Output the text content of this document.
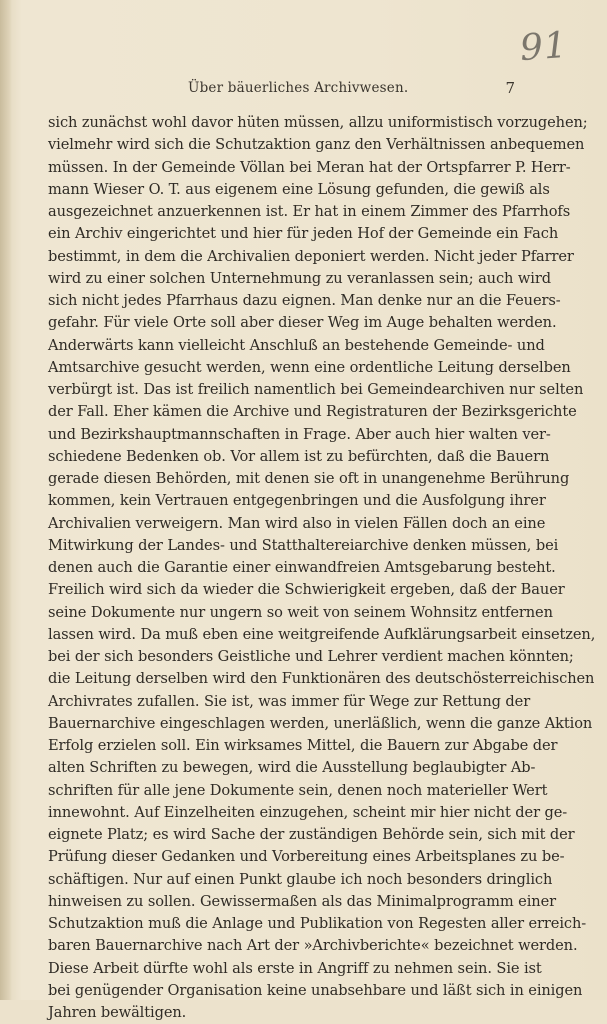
91
Über bäuerliches Archivwesen.	7
sich zunächst wohl davor hüten müssen, allzu uniformistisch vorzugehen;
vielmehr wird sich die Schutzaktion ganz den Verhältnissen anbequemen
müssen. In der Gemeinde Völlan bei Meran hat der Ortspfarrer P. Herr-
mann Wieser O. T. aus eigenem eine Lösung gefunden, die gewiß als
ausgezeichnet anzuerkennen ist. Er hat in einem Zimmer des Pfarrhofs
ein Archiv eingerichtet und hier für jeden Hof der Gemeinde ein Fach
bestimmt, in dem die Archivalien deponiert werden. Nicht jeder Pfarrer
wird zu einer solchen Unternehmung zu veranlassen sein; auch wird
sich nicht jedes Pfarrhaus dazu eignen. Man denke nur an die Feuers-
gefahr. Für viele Orte soll aber dieser Weg im Auge behalten werden.
Anderwärts kann vielleicht Anschluß an bestehende Gemeinde- und
Amtsarchive gesucht werden, wenn eine ordentliche Leitung derselben
verbürgt ist. Das ist freilich namentlich bei Gemeindearchiven nur selten
der Fall. Eher kämen die Archive und Registraturen der Bezirksgerichte
und Bezirkshauptmannschaften in Frage. Aber auch hier walten ver-
schiedene Bedenken ob. Vor allem ist zu befürchten, daß die Bauern
gerade diesen Behörden, mit denen sie oft in unangenehme Berührung
kommen, kein Vertrauen entgegenbringen und die Ausfolgung ihrer
Archivalien verweigern. Man wird also in vielen Fällen doch an eine
Mitwirkung der Landes- und Statthaltereiarchive denken müssen, bei
denen auch die Garantie einer einwandfreien Amtsgebarung besteht.
Freilich wird sich da wieder die Schwierigkeit ergeben, daß der Bauer
seine Dokumente nur ungern so weit von seinem Wohnsitz entfernen
lassen wird. Da muß eben eine weitgreifende Aufklärungsarbeit einsetzen,
bei der sich besonders Geistliche und Lehrer verdient machen könnten;
die Leitung derselben wird den Funktionären des deutschösterreichischen
Archivrates zufallen. Sie ist, was immer für Wege zur Rettung der
Bauernarchive eingeschlagen werden, unerläßlich, wenn die ganze Aktion
Erfolg erzielen soll. Ein wirksames Mittel, die Bauern zur Abgabe der
alten Schriften zu bewegen, wird die Ausstellung beglaubigter Ab-
schriften für alle jene Dokumente sein, denen noch materieller Wert
innewohnt. Auf Einzelheiten einzugehen, scheint mir hier nicht der ge-
eignete Platz; es wird Sache der zuständigen Behörde sein, sich mit der
Prüfung dieser Gedanken und Vorbereitung eines Arbeitsplanes zu be-
schäftigen. Nur auf einen Punkt glaube ich noch besonders dringlich
hinweisen zu sollen. Gewissermaßen als das Minimalprogramm einer
Schutzaktion muß die Anlage und Publikation von Regesten aller erreich-
baren Bauernarchive nach Art der »Archivberichte« bezeichnet werden.
Diese Arbeit dürfte wohl als erste in Angriff zu nehmen sein. Sie ist
bei genügender Organisation keine unabsehbare und läßt sich in einigen
Jahren bewältigen.
